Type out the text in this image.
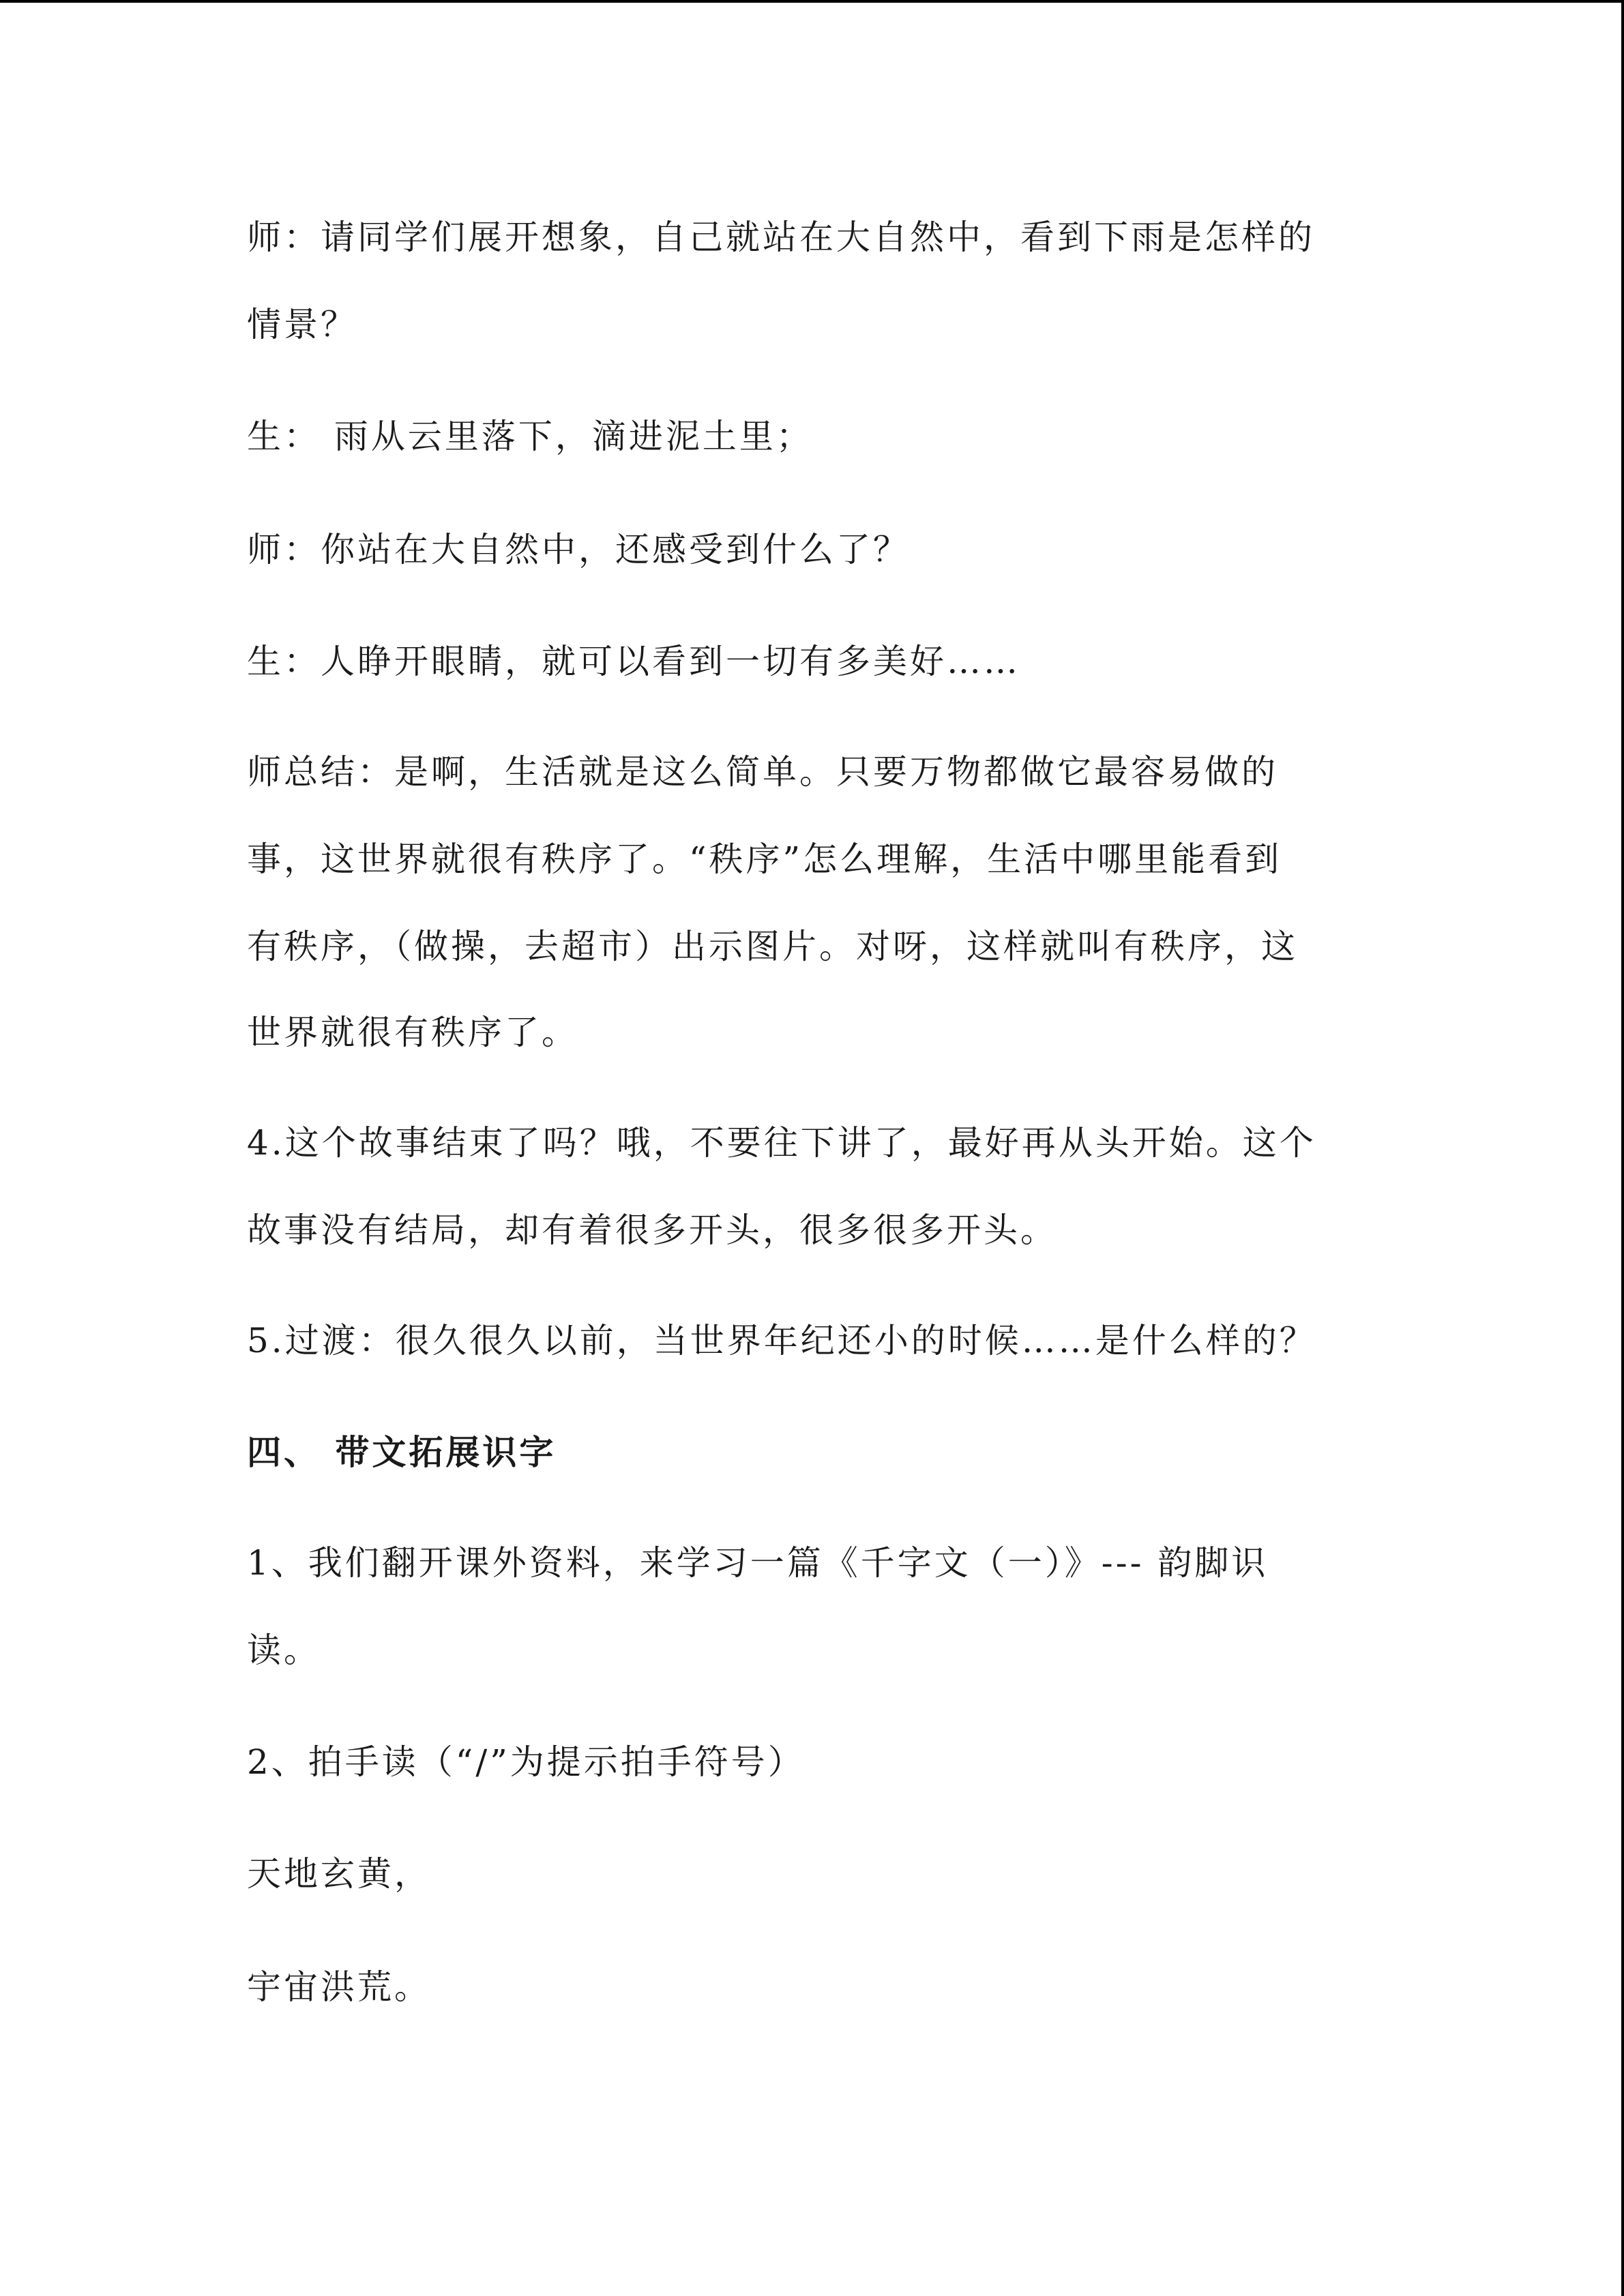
师：请同学们展开想象，自己就站在大自然中，看到下雨是怎样的
情景？
生： 雨从云里落下，滴进泥土里；
师：你站在大自然中，还感受到什么了？
生：人睁开眼睛，就可以看到一切有多美好……
师总结：是啊，生活就是这么简单。只要万物都做它最容易做的
事，这世界就很有秩序了。“秩序”怎么理解，生活中哪里能看到
有秩序，（做操，去超市）出示图片。对呀，这样就叫有秩序，这
世界就很有秩序了。
4.这个故事结束了吗？哦，不要往下讲了，最好再从头开始。这个
故事没有结局，却有着很多开头，很多很多开头。
5.过渡：很久很久以前，当世界年纪还小的时候……是什么样的？
四、 带文拓展识字
1、我们翻开课外资料，来学习一篇《千字文（一）》--- 韵脚识
读。
2、拍手读（“/”为提示拍手符号）
天地玄黄，
宇宙洪荒。
